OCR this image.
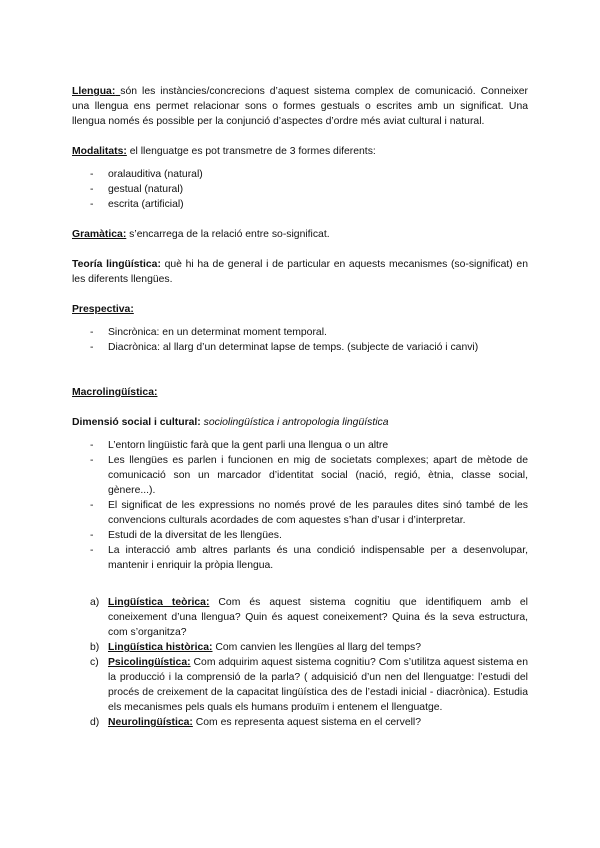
Llengua: són les instàncies/concrecions d’aquest sistema complex de comunicació. Conneixer una llengua ens permet relacionar sons o formes gestuals o escrites amb un significat. Una llengua només és possible per la conjunció d’aspectes d’ordre més aviat cultural i natural.

Modalitats: el llenguatge es pot transmetre de 3 formes diferents:

- oralauditiva (natural)
- gestual (natural)
- escrita (artificial)

Gramàtica: s’encarrega de la relació entre so-significat.

Teoría lingüística: què hi ha de general i de particular en aquests mecanismes (so-significat) en les diferents llengües.

Prespectiva:

- Sincrònica: en un determinat moment temporal.
- Diacrònica: al llarg d’un determinat lapse de temps. (subjecte de variació i canvi)

Macrolingüística:

Dimensió social i cultural: sociolingüística i antropologia lingüística

- L’entorn lingüistic farà que la gent parli una llengua o un altre
- Les llengües es parlen i funcionen en mig de societats complexes; apart de mètode de comunicació son un marcador d’identitat social (nació, regió, ètnia, classe social, gènere...).
- El significat de les expressions no només prové de les paraules dites sinó també de les convencions culturals acordades de com aquestes s’han d’usar i d’interpretar.
- Estudi de la diversitat de les llengües.
- La interacció amb altres parlants és una condició indispensable per a desenvolupar, mantenir i enriquir la pròpia llengua.
a) Lingüística teòrica: Com és aquest sistema cognitiu que identifiquem amb el coneixement d’una llengua? Quin és aquest coneixement? Quina és la seva estructura, com s’organitza?
b) Lingüística històrica: Com canvien les llengües al llarg del temps?
c) Psicolingüística: Com adquirim aquest sistema cognitiu? Com s’utilitza aquest sistema en la producció i la comprensió de la parla? ( adquisició d’un nen del llenguatge: l’estudi del procés de creixement de la capacitat lingüística des de l’estadi inicial - diacrònica). Estudia els mecanismes pels quals els humans produïm i entenem el llenguatge.
d) Neurolingüística: Com es representa aquest sistema en el cervell?
